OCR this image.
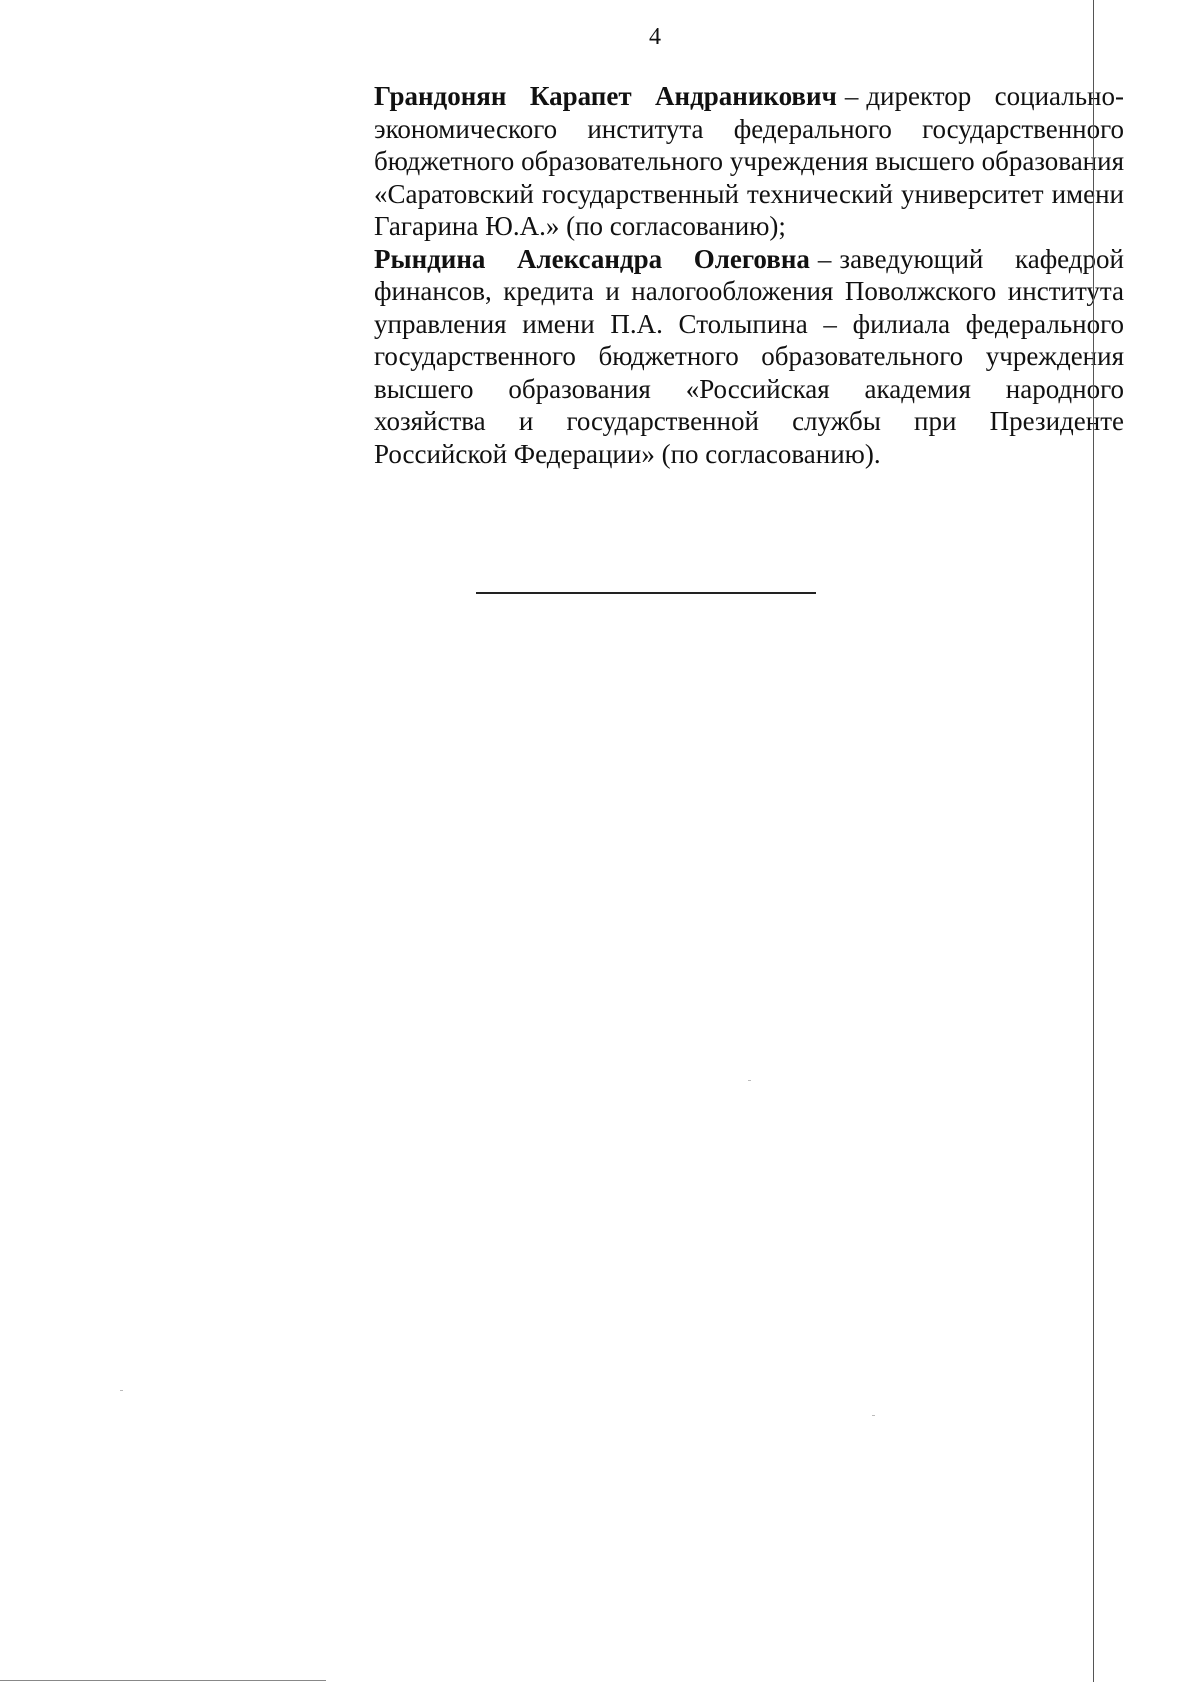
4

Грандонян Карапет Андраникович – директор социально-экономического института федерального государственного бюджетного образовательного учреждения высшего образования «Саратовский государственный технический университет имени Гагарина Ю.А.» (по согласованию);

Рындина Александра Олеговна – заведующий кафедрой финансов, кредита и налогообложения Поволжского института управления имени П.А. Столыпина – филиала федерального государственного бюджетного образовательного учреждения высшего образования «Российская академия народного хозяйства и государственной службы при Президенте Российской Федерации» (по согласованию).
